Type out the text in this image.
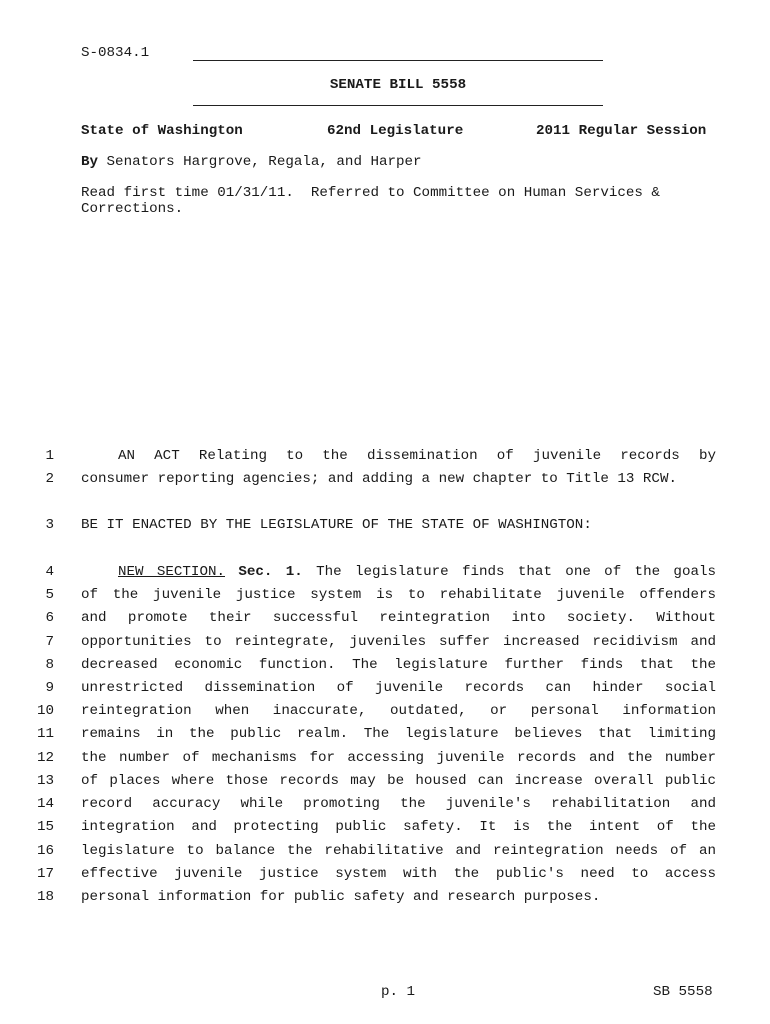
S-0834.1
SENATE BILL 5558
State of Washington	62nd Legislature	2011 Regular Session
By Senators Hargrove, Regala, and Harper
Read first time 01/31/11.  Referred to Committee on Human Services &
Corrections.
1	AN ACT Relating to the dissemination of juvenile records by
2 consumer reporting agencies; and adding a new chapter to Title 13 RCW.
3 BE IT ENACTED BY THE LEGISLATURE OF THE STATE OF WASHINGTON:
4	NEW SECTION. Sec. 1. The legislature finds that one of the goals
5 of the juvenile justice system is to rehabilitate juvenile offenders
6 and promote their successful reintegration into society. Without
7 opportunities to reintegrate, juveniles suffer increased recidivism and
8 decreased economic function. The legislature further finds that the
9 unrestricted dissemination of juvenile records can hinder social
10 reintegration when inaccurate, outdated, or personal information
11 remains in the public realm. The legislature believes that limiting
12 the number of mechanisms for accessing juvenile records and the number
13 of places where those records may be housed can increase overall public
14 record accuracy while promoting the juvenile's rehabilitation and
15 integration and protecting public safety. It is the intent of the
16 legislature to balance the rehabilitative and reintegration needs of an
17 effective juvenile justice system with the public's need to access
18 personal information for public safety and research purposes.
p. 1	SB 5558
